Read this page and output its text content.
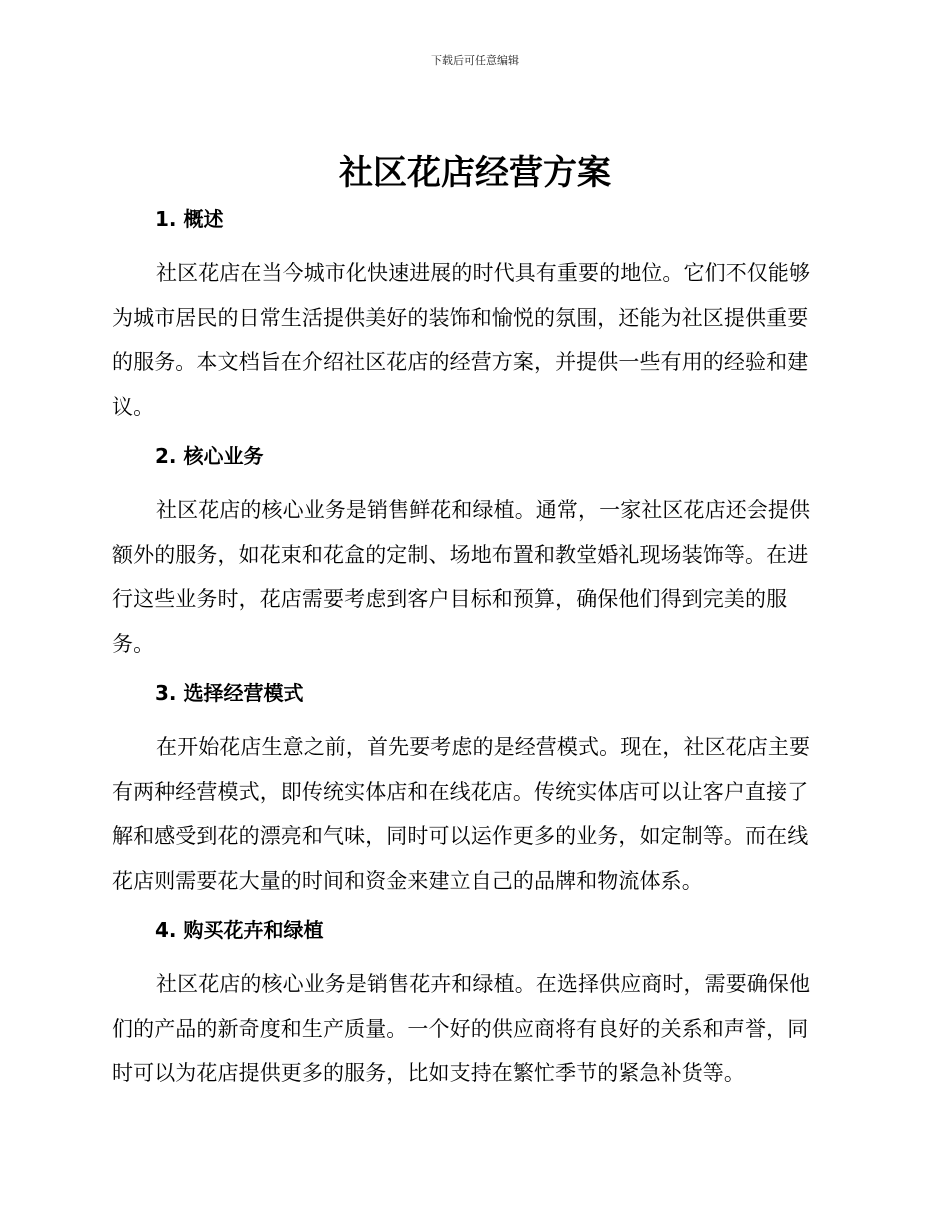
下载后可任意编辑
社区花店经营方案
1. 概述

社区花店在当今城市化快速进展的时代具有重要的地位。它们不仅能够
为城市居民的日常生活提供美好的装饰和愉悦的氛围，还能为社区提供重要
的服务。本文档旨在介绍社区花店的经营方案，并提供一些有用的经验和建
议。

2. 核心业务

社区花店的核心业务是销售鲜花和绿植。通常，一家社区花店还会提供
额外的服务，如花束和花盒的定制、场地布置和教堂婚礼现场装饰等。在进
行这些业务时，花店需要考虑到客户目标和预算，确保他们得到完美的服
务。

3. 选择经营模式

在开始花店生意之前，首先要考虑的是经营模式。现在，社区花店主要
有两种经营模式，即传统实体店和在线花店。传统实体店可以让客户直接了
解和感受到花的漂亮和气味，同时可以运作更多的业务，如定制等。而在线
花店则需要花大量的时间和资金来建立自己的品牌和物流体系。

4. 购买花卉和绿植

社区花店的核心业务是销售花卉和绿植。在选择供应商时，需要确保他
们的产品的新奇度和生产质量。一个好的供应商将有良好的关系和声誉，同
时可以为花店提供更多的服务，比如支持在繁忙季节的紧急补货等。
